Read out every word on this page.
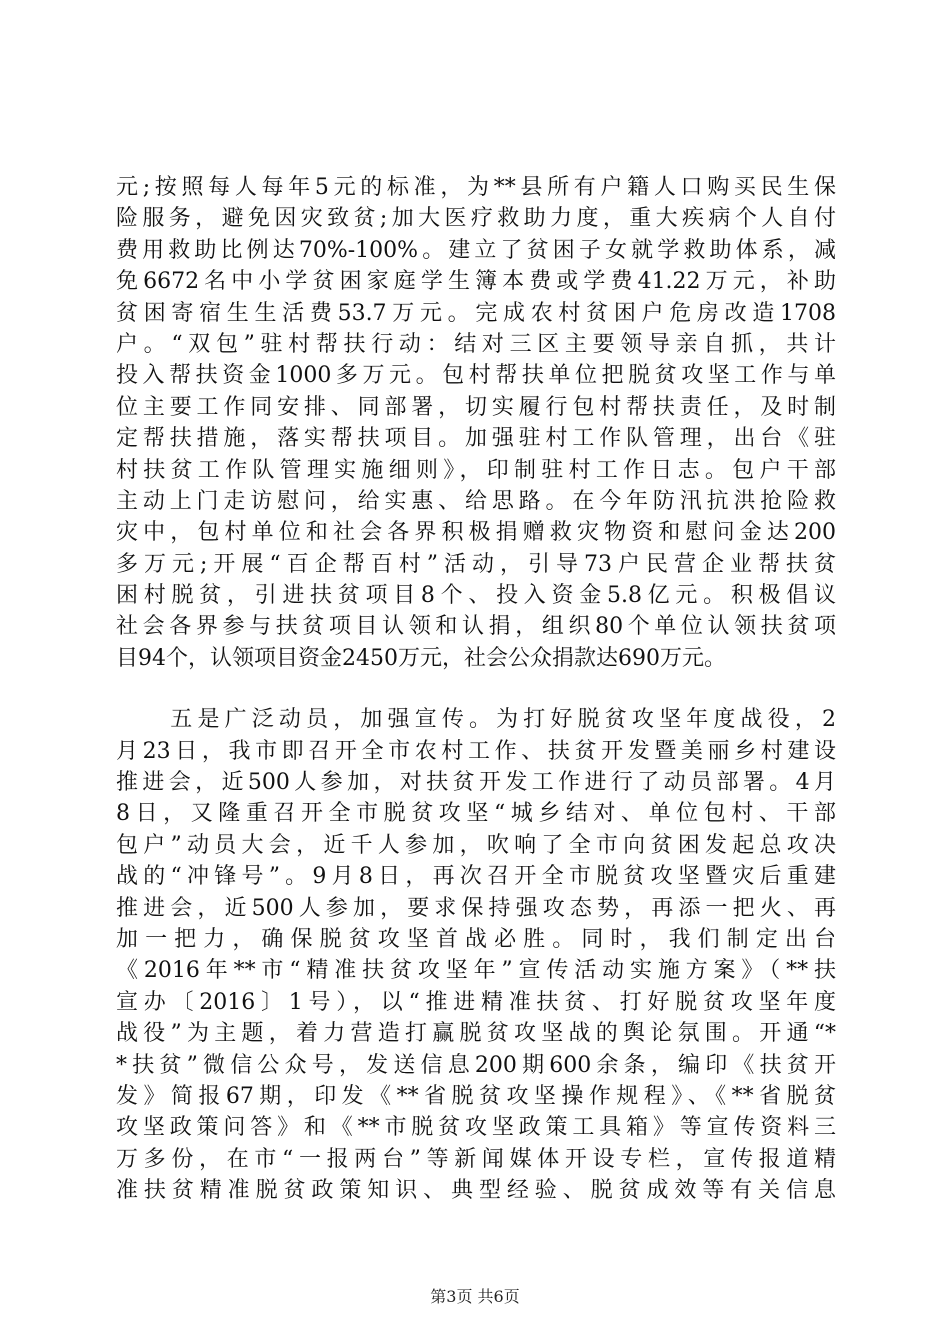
元;按照每人每年5元的标准，为**县所有户籍人口购买民生保
险服务，避免因灾致贫;加大医疗救助力度，重大疾病个人自付
费用救助比例达70%-100%。建立了贫困子女就学救助体系，减
免6672名中小学贫困家庭学生簿本费或学费41.22万元，补助
贫困寄宿生生活费53.7万元。完成农村贫困户危房改造1708
户。“双包”驻村帮扶行动：结对三区主要领导亲自抓，共计
投入帮扶资金1000多万元。包村帮扶单位把脱贫攻坚工作与单
位主要工作同安排、同部署，切实履行包村帮扶责任，及时制
定帮扶措施，落实帮扶项目。加强驻村工作队管理，出台《驻
村扶贫工作队管理实施细则》，印制驻村工作日志。包户干部
主动上门走访慰问，给实惠、给思路。在今年防汛抗洪抢险救
灾中，包村单位和社会各界积极捐赠救灾物资和慰问金达200
多万元;开展“百企帮百村”活动，引导73户民营企业帮扶贫
困村脱贫，引进扶贫项目8个、投入资金5.8亿元。积极倡议
社会各界参与扶贫项目认领和认捐，组织80个单位认领扶贫项
目94个，认领项目资金2450万元，社会公众捐款达690万元。
　　五是广泛动员，加强宣传。为打好脱贫攻坚年度战役，2
月23日，我市即召开全市农村工作、扶贫开发暨美丽乡村建设
推进会，近500人参加，对扶贫开发工作进行了动员部署。4月
8日，又隆重召开全市脱贫攻坚“城乡结对、单位包村、干部
包户”动员大会，近千人参加，吹响了全市向贫困发起总攻决
战的“冲锋号”。9月8日，再次召开全市脱贫攻坚暨灾后重建
推进会，近500人参加，要求保持强攻态势，再添一把火、再
加一把力，确保脱贫攻坚首战必胜。同时，我们制定出台
《2016年**市“精准扶贫攻坚年”宣传活动实施方案》（**扶
宣办〔2016〕1号），以“推进精准扶贫、打好脱贫攻坚年度
战役”为主题，着力营造打赢脱贫攻坚战的舆论氛围。开通“*
*扶贫”微信公众号，发送信息200期600余条，编印《扶贫开
发》简报67期，印发《**省脱贫攻坚操作规程》、《**省脱贫
攻坚政策问答》和《**市脱贫攻坚政策工具箱》等宣传资料三
万多份，在市“一报两台”等新闻媒体开设专栏，宣传报道精
准扶贫精准脱贫政策知识、典型经验、脱贫成效等有关信息
第3页 共6页
